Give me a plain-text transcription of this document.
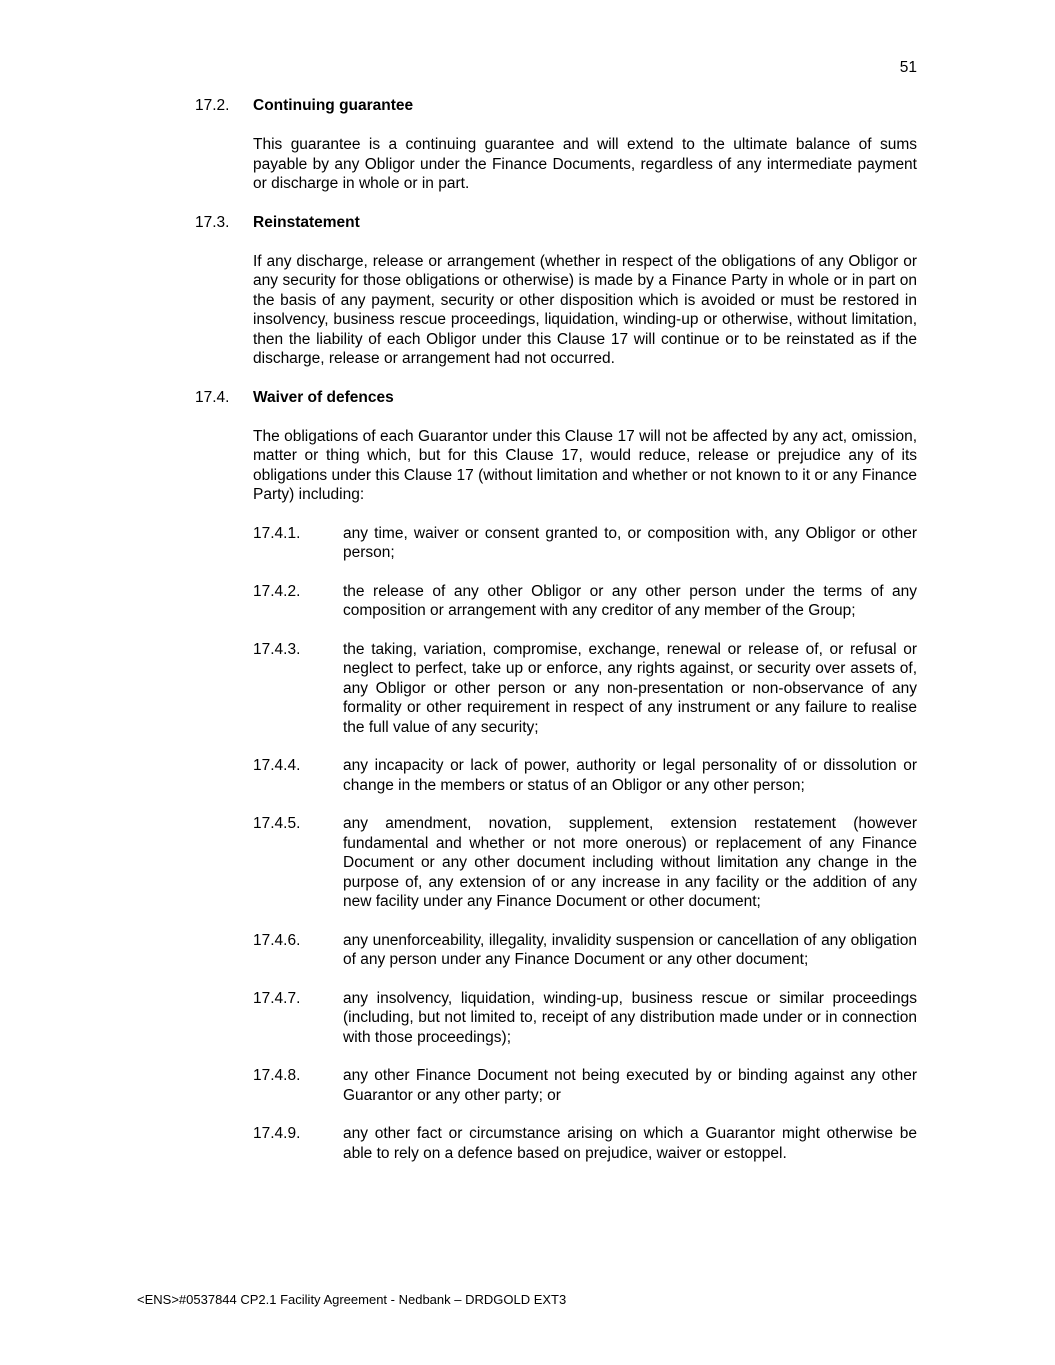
51
17.2.	Continuing guarantee
This guarantee is a continuing guarantee and will extend to the ultimate balance of sums payable by any Obligor under the Finance Documents, regardless of any intermediate payment or discharge in whole or in part.
17.3.	Reinstatement
If any discharge, release or arrangement (whether in respect of the obligations of any Obligor or any security for those obligations or otherwise) is made by a Finance Party in whole or in part on the basis of any payment, security or other disposition which is avoided or must be restored in insolvency, business rescue proceedings, liquidation, winding-up or otherwise, without limitation, then the liability of each Obligor under this Clause 17 will continue or to be reinstated as if the discharge, release or arrangement had not occurred.
17.4.	Waiver of defences
The obligations of each Guarantor under this Clause 17 will not be affected by any act, omission, matter or thing which, but for this Clause 17, would reduce, release or prejudice any of its obligations under this Clause 17 (without limitation and whether or not known to it or any Finance Party) including:
17.4.1.	any time, waiver or consent granted to, or composition with, any Obligor or other person;
17.4.2.	the release of any other Obligor or any other person under the terms of any composition or arrangement with any creditor of any member of the Group;
17.4.3.	the taking, variation, compromise, exchange, renewal or release of, or refusal or neglect to perfect, take up or enforce, any rights against, or security over assets of, any Obligor or other person or any non-presentation or non-observance of any formality or other requirement in respect of any instrument or any failure to realise the full value of any security;
17.4.4.	any incapacity or lack of power, authority or legal personality of or dissolution or change in the members or status of an Obligor or any other person;
17.4.5.	any amendment, novation, supplement, extension restatement (however fundamental and whether or not more onerous) or replacement of any Finance Document or any other document including without limitation any change in the purpose of, any extension of or any increase in any facility or the addition of any new facility under any Finance Document or other document;
17.4.6.	any unenforceability, illegality, invalidity suspension or cancellation of any obligation of any person under any Finance Document or any other document;
17.4.7.	any insolvency, liquidation, winding-up, business rescue or similar proceedings (including, but not limited to, receipt of any distribution made under or in connection with those proceedings);
17.4.8.	any other Finance Document not being executed by or binding against any other Guarantor or any other party; or
17.4.9.	any other fact or circumstance arising on which a Guarantor might otherwise be able to rely on a defence based on prejudice, waiver or estoppel.
<ENS>#0537844 CP2.1 Facility Agreement - Nedbank – DRDGOLD EXT3
